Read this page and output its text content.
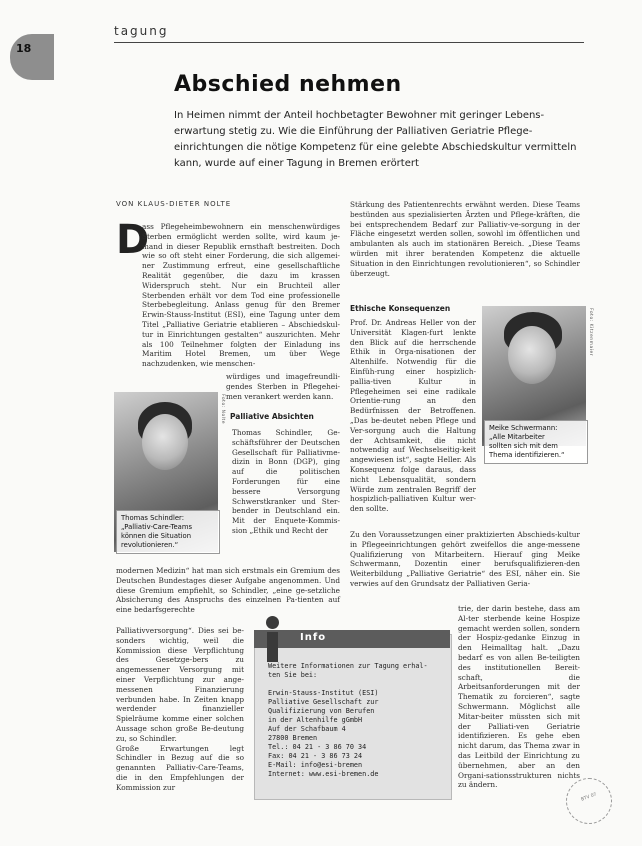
18
tagung
Abschied nehmen
In Heimen nimmt der Anteil hochbetagter Bewohner mit geringer Lebens-erwartung stetig zu. Wie die Einführung der Palliativen Geriatrie Pflege-einrichtungen die nötige Kompetenz für eine gelebte Abschiedskultur vermitteln kann, wurde auf einer Tagung in Bremen erörtert
VON KLAUS-DIETER NOLTE
D
ass Pflegeheimbewohnern ein menschenwürdiges Sterben ermöglicht werden sollte, wird kaum je-mand in dieser Republik ernsthaft bestreiten. Doch wie so oft steht einer Forderung, die sich allgemei-ner Zustimmung erfreut, eine gesellschaftliche Realität gegenüber, die dazu im krassen Widerspruch steht. Nur ein Bruchteil aller Sterbenden erhält vor dem Tod eine professionelle Sterbebegleitung. Anlass genug für den Bremer Erwin-Stauss-Institut (ESI), eine Tagung unter dem Titel „Palliative Geriatrie etablieren – Abschiedskul-tur in Einrichtungen gestalten“ auszurichten. Mehr als 100 Teilnehmer folgten der Einladung ins Maritim Hotel Bremen, um über Wege nachzudenken, wie menschen-
würdiges und imagefreundli-gendes Sterben in Pflegehei-men verankert werden kann.
Palliative Absichten
Thomas Schindler, Ge-schäftsführer der Deutschen Gesellschaft für Palliativme-dizin in Bonn (DGP), ging auf die politischen Forderungen für eine bessere Versorgung Schwerstkranker und Ster-bender in Deutschland ein. Mit der Enquete-Kommis-sion „Ethik und Recht der
modernen Medizin“ hat man sich erstmals ein Gremium des Deutschen Bundestages dieser Aufgabe angenommen. Und diese Gremium empfiehlt, so Schindler, „eine ge-setzliche Absicherung des Anspruchs des einzelnen Pa-tienten auf eine bedarfsgerechte
Palliativversorgung“. Dies sei be-sonders wichtig, weil die Kommission diese Verpflichtung des Gesetzge-bers zu angemessener Versorgung mit einer Verpflichtung zur ange-messenen Finanzierung verbunden habe. In Zeiten knapp werdender finanzieller Spielräume komme einer solchen Aussage schon große Be-deutung zu, so Schindler.
Große Erwartungen legt Schindler in Bezug auf die so genannten Palliativ-Care-Teams, die in den Empfehlungen der Kommission zur
Stärkung des Patientenrechts erwähnt werden. Diese Teams bestünden aus spezialisierten Ärzten und Pflege-kräften, die bei entsprechendem Bedarf zur Palliativ-ve-sorgung in der Fläche eingesetzt werden sollen, sowohl im öffentlichen und ambulanten als auch im stationären Bereich. „Diese Teams würden mit ihrer beratenden Kompetenz die aktuelle Situation in den Einrichtungen revolutionieren“, so Schindler überzeugt.
Ethische Konsequenzen
Prof. Dr. Andreas Heller von der Universität Klagen-furt lenkte den Blick auf die herrschende Ethik in Orga-nisationen der Altenhilfe. Notwendig für die Einfüh-rung einer hospizlich-pallia-tiven Kultur in Pflegeheimen sei eine radikale Orientie-rung an den Bedürfnissen der Betroffenen. „Das be-deutet neben Pflege und Ver-sorgung auch die Haltung der Achtsamkeit, die nicht notwendig auf Wechselseitig-keit angewiesen ist“, sagte Heller. Als Konsequenz folge daraus, dass nicht Lebensqualität, sondern Würde zum zentralen Begriff der hospizlich-palliativen Kultur wer-den sollte.
Zu den Voraussetzungen einer praktizierten Abschieds-kultur in Pflegeeinrichtungen gehört zweifellos die ange-messene Qualifizierung von Mitarbeitern. Hierauf ging Meike Schwermann, Dozentin einer berufsqualifizieren-den Weiterbildung „Palliative Geriatrie“ des ESI, näher ein. Sie verwies auf den Grundsatz der Palliativen Geria-
trie, der darin bestehe, dass am Al-ter sterbende keine Hospize gemacht werden sollen, sondern der Hospiz-gedanke Einzug in den Heimalltag halt. „Dazu bedarf es von allen Be-teiligten des institutionellen Bereit-schaft, die Arbeitsanforderungen mit der Thematik zu forcieren“, sagte Schwermann. Möglichst alle Mitar-beiter müssten sich mit der Palliati-ven Geriatrie identifizieren. Es gehe eben nicht darum, das Thema zwar in das Leitbild der Einrichtung zu übernehmen, aber an den Organi-sationsstrukturen nichts zu ändern.
Foto: Nolte
Thomas Schindler:
„Palliativ-Care-Teams
können die Situation
revolutionieren.“
Foto: Kitzenmaier
Meike Schwermann:
„Alle Mitarbeiter
sollten sich mit dem
Thema identifizieren.“
Info
Weitere Informationen zur Tagung erhal-
ten Sie bei:

Erwin-Stauss-Institut (ESI)
Palliative Gesellschaft zur
Qualifizierung von Berufen
in der Altenhilfe gGmbH
Auf der Schafbaum 4
27800 Bremen
Tel.: 04 21 - 3 86 70 34
Fax: 04 21 - 3 86 73 24
E-Mail: info@esi-bremen
Internet: www.esi-bremen.de
BTV 07
